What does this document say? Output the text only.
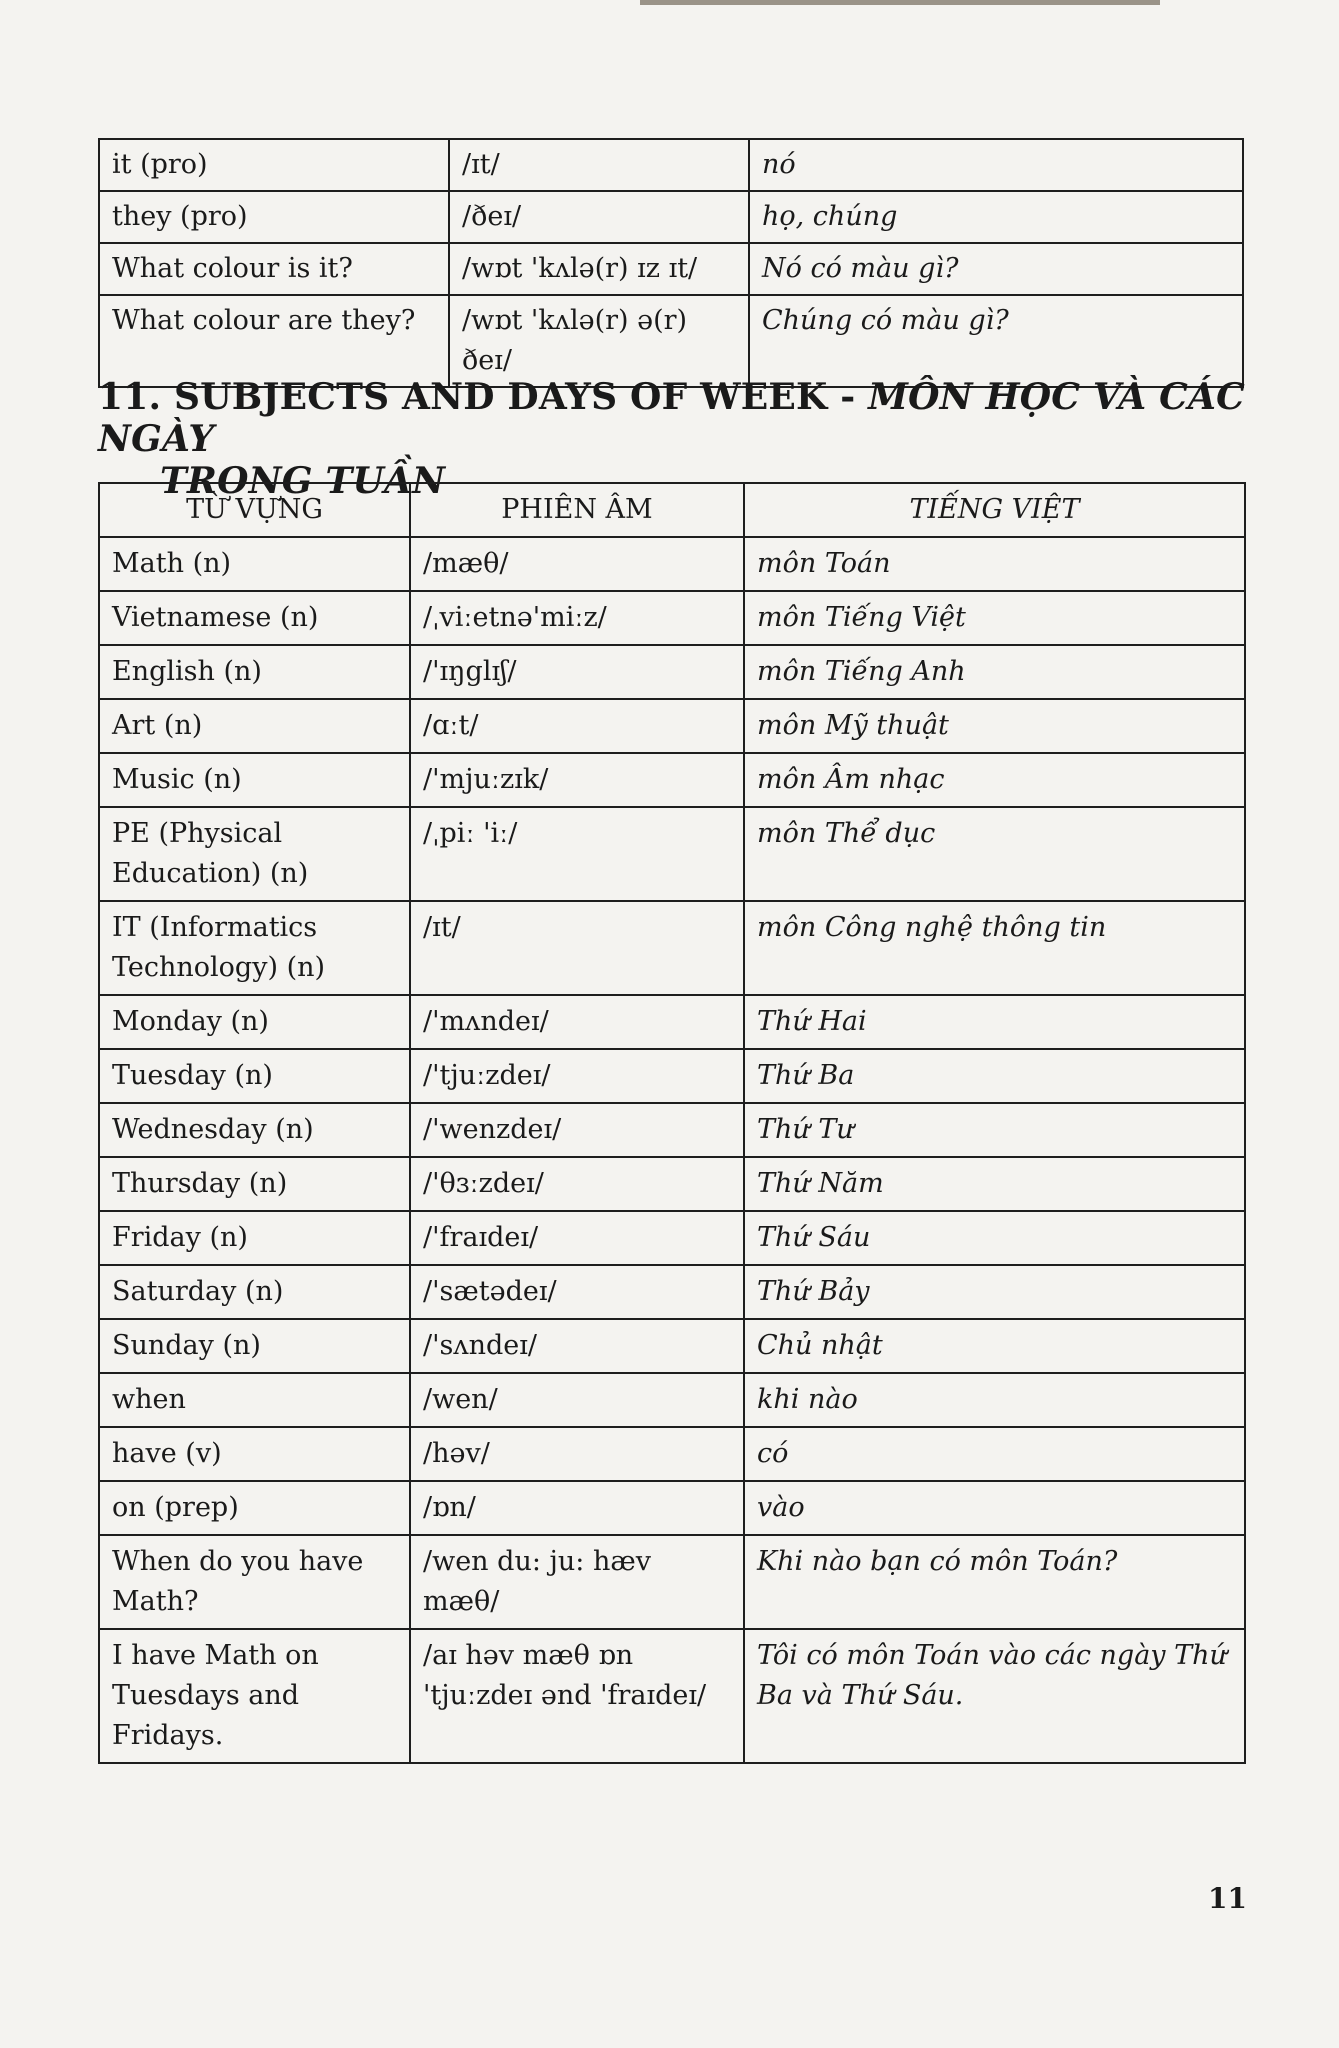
it (pro)	/ɪt/	nó
they (pro)	/ðeɪ/	họ, chúng
What colour is it?	/wɒt 'kʌlə(r) ɪz ɪt/	Nó có màu gì?
What colour are they?	/wɒt 'kʌlə(r) ə(r) ðeɪ/	Chúng có màu gì?
11. SUBJECTS AND DAYS OF WEEK - MÔN HỌC VÀ CÁC NGÀY
TRONG TUẦN
TỪ VỰNG	PHIÊN ÂM	TIẾNG VIỆT
Math (n)	/mæθ/	môn Toán
Vietnamese (n)	/ˌviːetnə'miːz/	môn Tiếng Việt
English (n)	/'ɪŋglɪʃ/	môn Tiếng Anh
Art (n)	/ɑːt/	môn Mỹ thuật
Music (n)	/'mjuːzɪk/	môn Âm nhạc
PE (Physical Education) (n)	/ˌpiː 'iː/	môn Thể dục
IT (Informatics Technology) (n)	/ɪt/	môn Công nghệ thông tin
Monday (n)	/'mʌndeɪ/	Thứ Hai
Tuesday (n)	/'tjuːzdeɪ/	Thứ Ba
Wednesday (n)	/'wenzdeɪ/	Thứ Tư
Thursday (n)	/'θɜːzdeɪ/	Thứ Năm
Friday (n)	/'fraɪdeɪ/	Thứ Sáu
Saturday (n)	/'sætədeɪ/	Thứ Bảy
Sunday (n)	/'sʌndeɪ/	Chủ nhật
when	/wen/	khi nào
have (v)	/həv/	có
on (prep)	/ɒn/	vào
When do you have Math?	/wen du: ju: hæv mæθ/	Khi nào bạn có môn Toán?
I have Math on Tuesdays and Fridays.	/aɪ həv mæθ ɒn 'tjuːzdeɪ ənd 'fraɪdeɪ/	Tôi có môn Toán vào các ngày Thứ Ba và Thứ Sáu.
11
